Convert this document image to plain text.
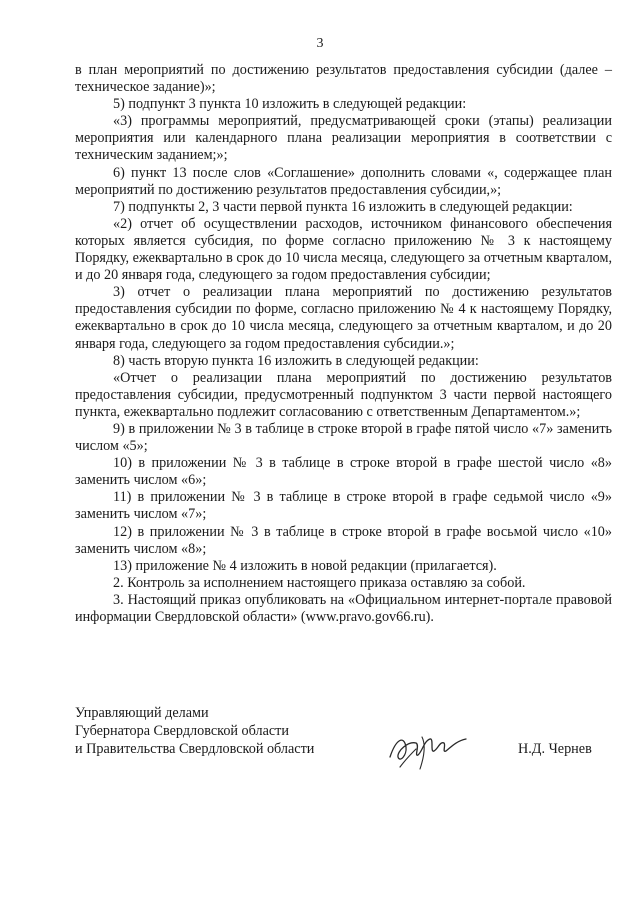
3

в план мероприятий по достижению результатов предоставления субсидии (далее – техническое задание)»;

5) подпункт 3 пункта 10 изложить в следующей редакции:

«3) программы мероприятий, предусматривающей сроки (этапы) реализации мероприятия или календарного плана реализации мероприятия в соответствии с техническим заданием;»;

6) пункт 13 после слов «Соглашение» дополнить словами «, содержащее план мероприятий по достижению результатов предоставления субсидии,»;

7) подпункты 2, 3 части первой пункта 16 изложить в следующей редакции:

«2) отчет об осуществлении расходов, источником финансового обеспечения которых является субсидия, по форме согласно приложению № 3 к настоящему Порядку, ежеквартально в срок до 10 числа месяца, следующего за отчетным кварталом, и до 20 января года, следующего за годом предоставления субсидии;

3) отчет о реализации плана мероприятий по достижению результатов предоставления субсидии по форме, согласно приложению № 4 к настоящему Порядку, ежеквартально в срок до 10 числа месяца, следующего за отчетным кварталом, и до 20 января года, следующего за годом предоставления субсидии.»;

8) часть вторую пункта 16 изложить в следующей редакции:

«Отчет о реализации плана мероприятий по достижению результатов предоставления субсидии, предусмотренный подпунктом 3 части первой настоящего пункта, ежеквартально подлежит согласованию с ответственным Департаментом.»;

9) в приложении № 3 в таблице в строке второй в графе пятой число «7» заменить числом «5»;

10) в приложении № 3 в таблице в строке второй в графе шестой число «8» заменить числом «6»;

11) в приложении № 3 в таблице в строке второй в графе седьмой число «9» заменить числом «7»;

12) в приложении № 3 в таблице в строке второй в графе восьмой число «10» заменить числом «8»;

13) приложение № 4 изложить в новой редакции (прилагается).

2. Контроль за исполнением настоящего приказа оставляю за собой.

3. Настоящий приказ опубликовать на «Официальном интернет-портале правовой информации Свердловской области» (www.pravo.gov66.ru).

Управляющий делами
Губернатора Свердловской области
и Правительства Свердловской области	Н.Д. Чернев
